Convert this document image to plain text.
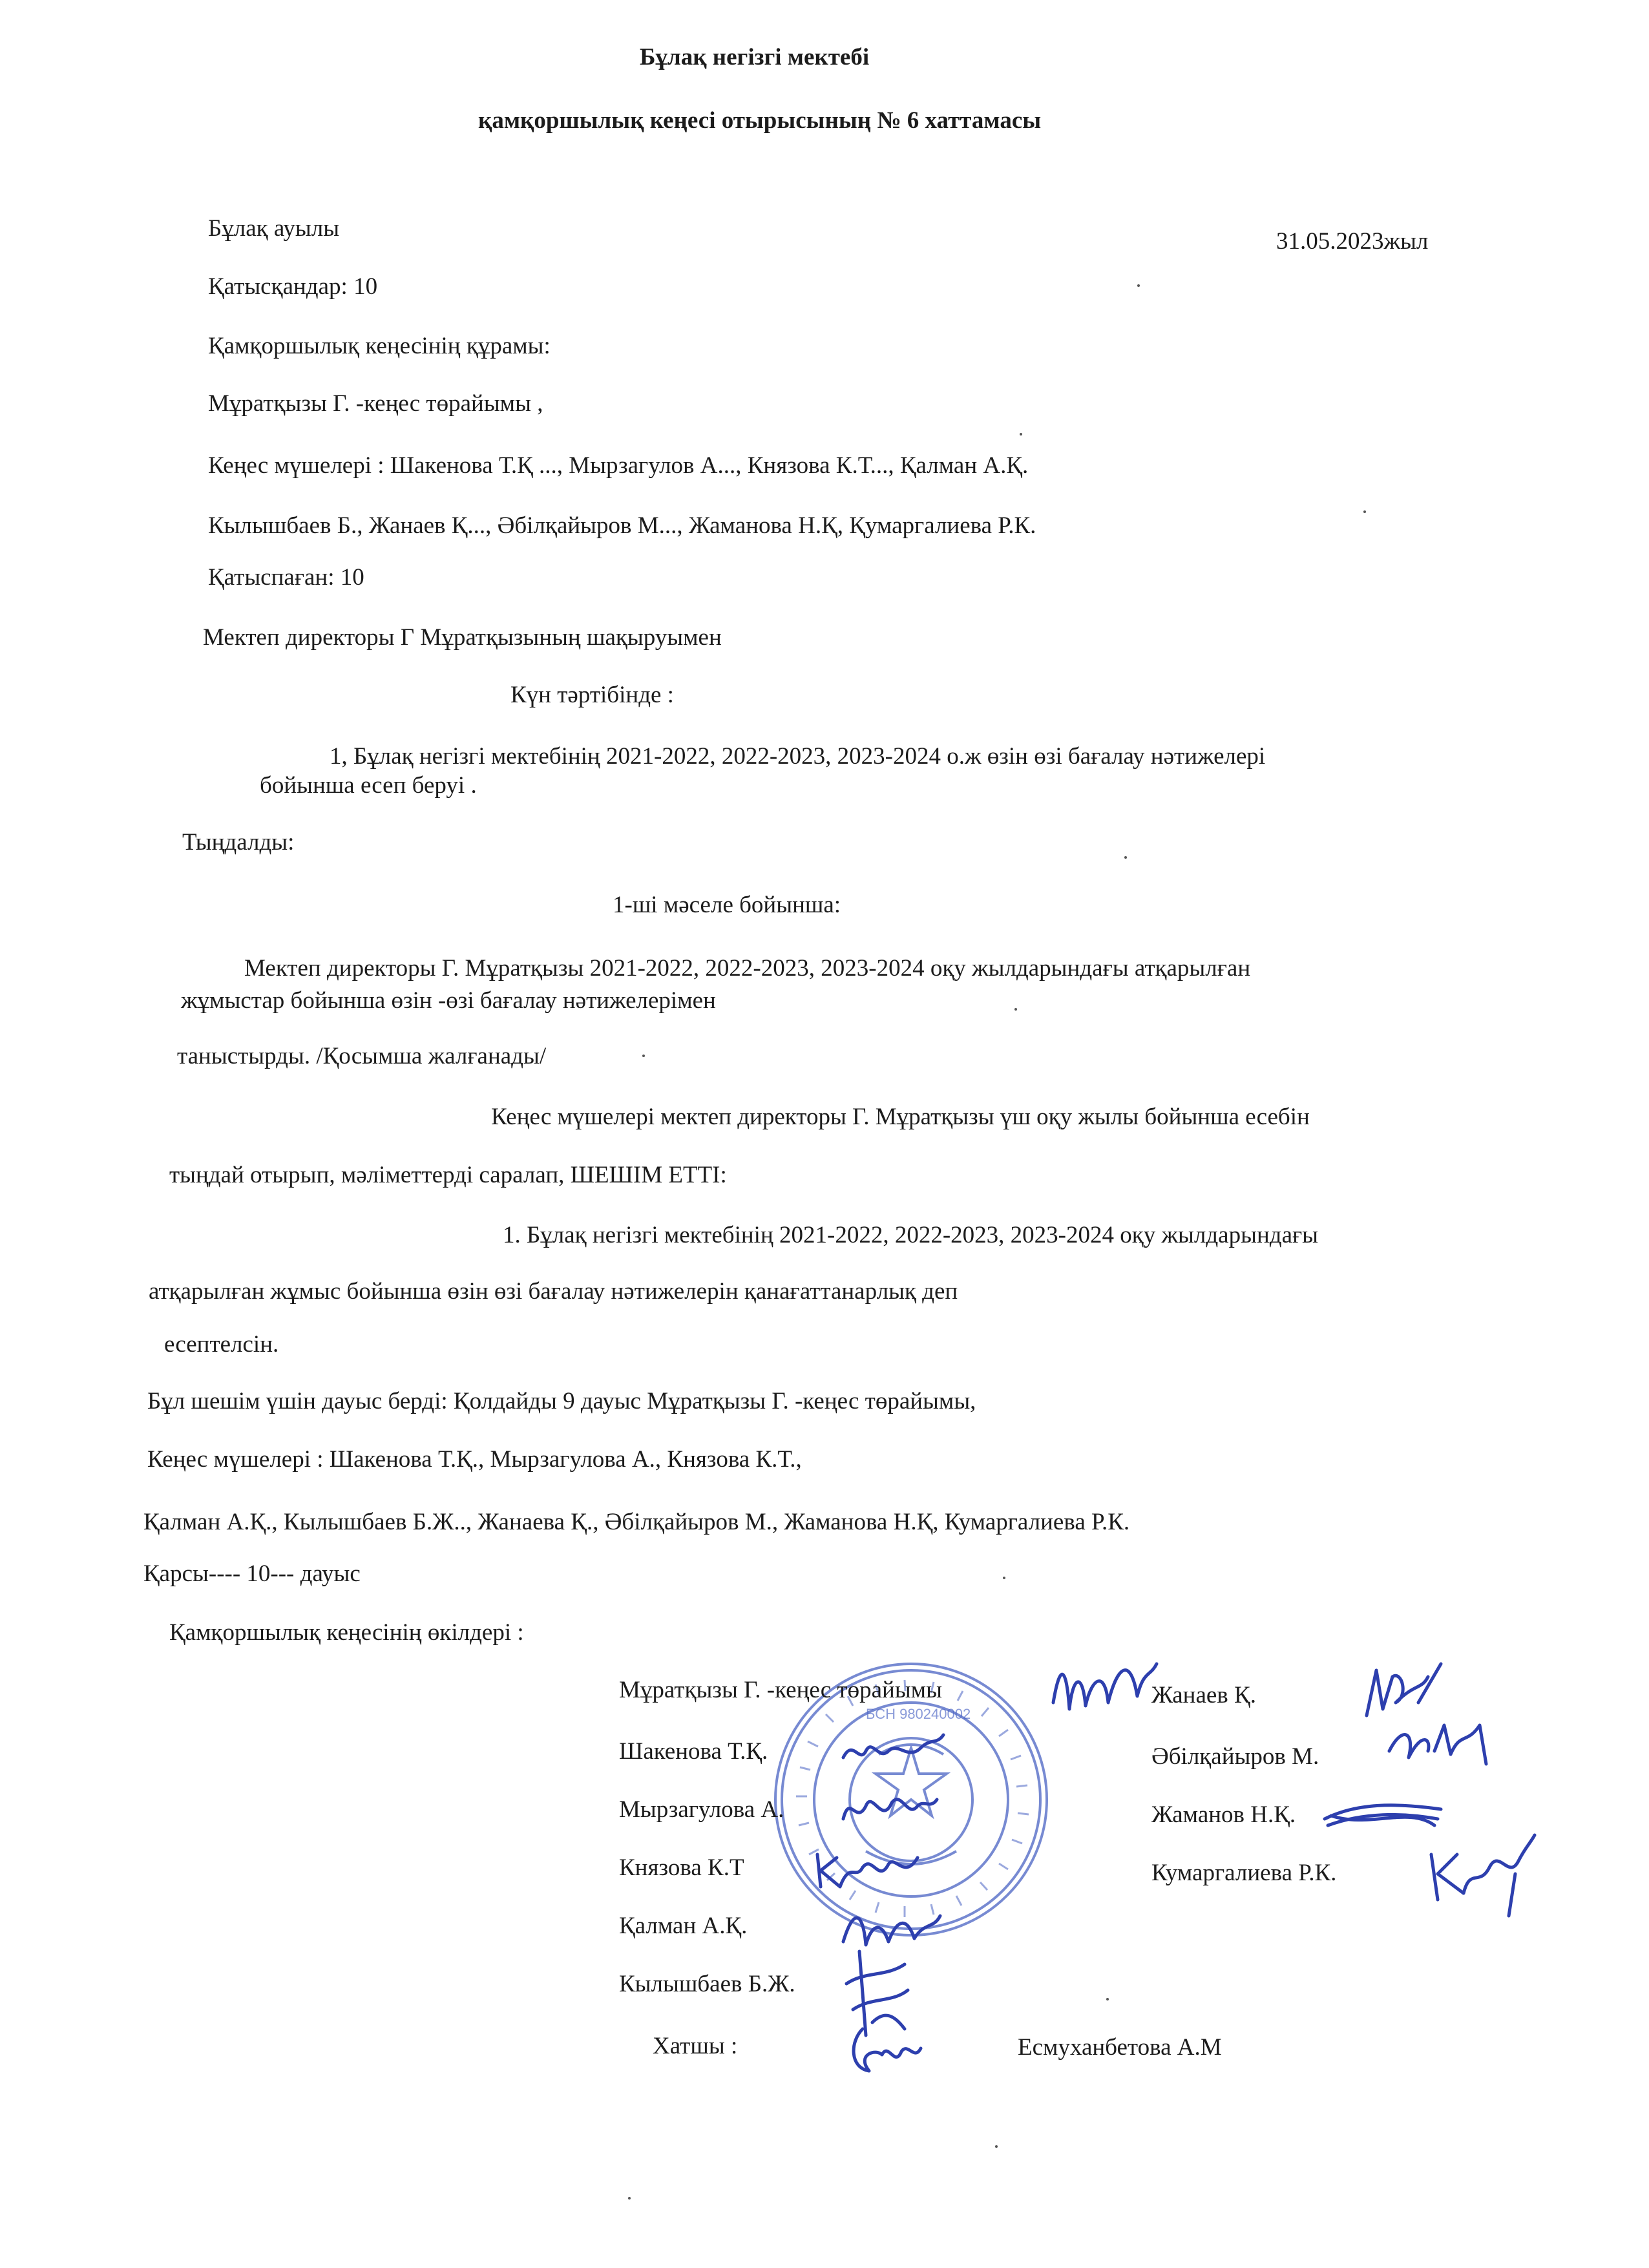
Бұлақ негізгі мектебі
қамқоршылық кеңесі отырысының № 6 хаттамасы
Бұлақ ауылы	31.05.2023жыл
Қатысқандар: 10
Қамқоршылық кеңесінің құрамы:
Мұратқызы Г. -кеңес төрайымы ,
Кеңес мүшелері : Шакенова Т.Қ ..., Мырзагулов А..., Князова К.Т..., Қалман А.Қ.
Кылышбаев Б., Жанаев Қ..., Әбілқайыров М..., Жаманова Н.Қ, Қумаргалиева Р.К.
Қатыспаған: 10
Мектеп директоры Г Мұратқызының шақыруымен
Күн тәртібінде :
1, Бұлақ негізгі мектебінің 2021-2022, 2022-2023, 2023-2024 о.ж өзін өзі бағалау нәтижелері
бойынша есеп беруі .
Тыңдалды:
1-ші мәселе бойынша:
Мектеп директоры Г. Мұратқызы 2021-2022, 2022-2023, 2023-2024 оқу жылдарындағы атқарылған
жұмыстар бойынша өзін -өзі бағалау нәтижелерімен
таныстырды. /Қосымша жалғанады/
Кеңес мүшелері мектеп директоры Г. Мұратқызы үш оқу жылы бойынша есебін
тыңдай отырып, мәліметтерді саралап, ШЕШІМ ЕТТІ:
1. Бұлақ негізгі мектебінің 2021-2022, 2022-2023, 2023-2024 оқу жылдарындағы
атқарылған жұмыс бойынша өзін өзі бағалау нәтижелерін қанағаттанарлық деп
есептелсін.
Бұл шешім үшін дауыс берді: Қолдайды 9 дауыс Мұратқызы Г. -кеңес төрайымы,
Кеңес мүшелері : Шакенова Т.Қ., Мырзагулова А., Князова К.Т.,
Қалман А.Қ., Кылышбаев Б.Ж.., Жанаева Қ., Әбілқайыров М., Жаманова Н.Қ, Кумаргалиева Р.К.
Қарсы---- 10--- дауыс
Қамқоршылық кеңесінің өкілдері :
БСН 980240002
Мұратқызы Г. -кеңес төрайымы
Шакенова Т.Қ.
Мырзагулова А.
Князова К.Т
Қалман А.Қ.
Кылышбаев Б.Ж.
Жанаев Қ.
Әбілқайыров М.
Жаманов Н.Қ.
Кумаргалиева Р.К.
Хатшы :	Есмуханбетова А.М
